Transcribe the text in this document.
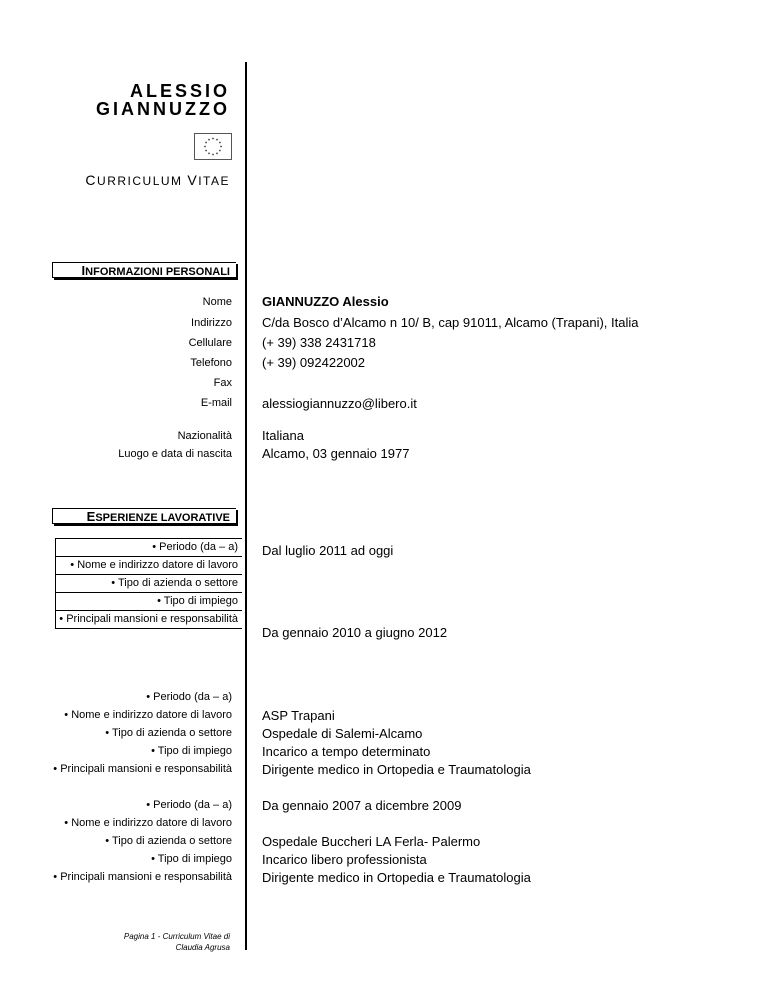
ALESSIO
GIANNUZZO
CURRICULUM VITAE
INFORMAZIONI PERSONALI
Nome GIANNUZZO Alessio
Indirizzo C/da Bosco d’Alcamo n 10/ B, cap 91011, Alcamo (Trapani), Italia
Cellulare (+ 39) 338 2431718
Telefono (+ 39) 092422002
Fax
E-mail alessiogiannuzzo@libero.it
Nazionalità Italiana
Luogo e data di nascita Alcamo, 03 gennaio 1977
ESPERIENZE LAVORATIVE
• Periodo (da – a)
• Nome e indirizzo datore di lavoro
• Tipo di azienda o settore
• Tipo di impiego
• Principali mansioni e responsabilità
Dal luglio 2011 ad oggi
Da gennaio 2010 a giugno 2012
• Periodo (da – a)
• Nome e indirizzo datore di lavoro
• Tipo di azienda o settore
• Tipo di impiego
• Principali mansioni e responsabilità
ASP Trapani
Ospedale di Salemi-Alcamo
Incarico a tempo determinato
Dirigente medico in Ortopedia e Traumatologia
• Periodo (da – a)
• Nome e indirizzo datore di lavoro
• Tipo di azienda o settore
• Tipo di impiego
• Principali mansioni e responsabilità
Da gennaio 2007 a dicembre 2009
Ospedale Buccheri LA Ferla- Palermo
Incarico libero professionista
Dirigente medico in Ortopedia e Traumatologia
Pagina 1 - Curriculum Vitae di
Claudia Agrusa
